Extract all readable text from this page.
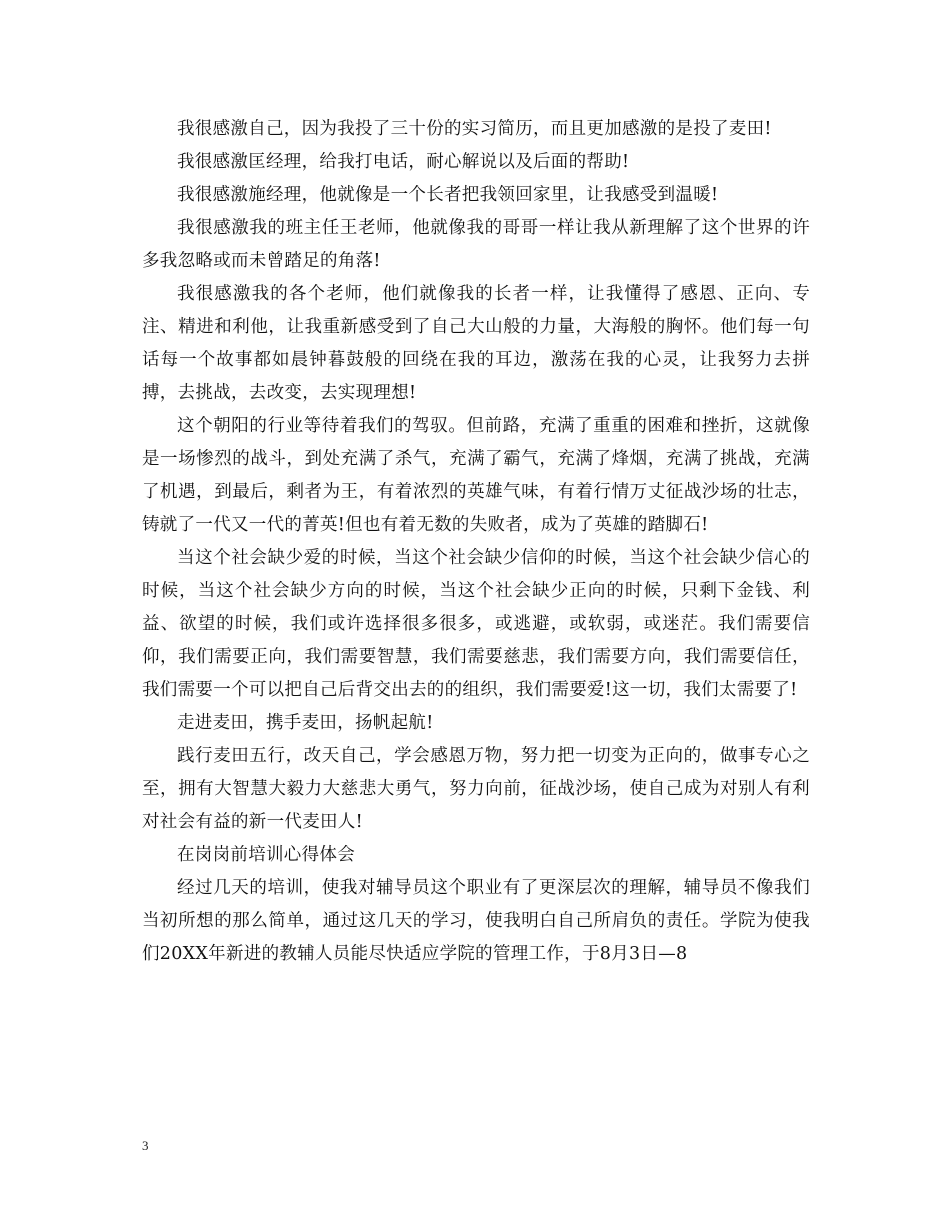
我很感激自己，因为我投了三十份的实习简历，而且更加感激的是投了麦田!

我很感激匡经理，给我打电话，耐心解说以及后面的帮助!

我很感激施经理，他就像是一个长者把我领回家里，让我感受到温暖!

我很感激我的班主任王老师，他就像我的哥哥一样让我从新理解了这个世界的许多我忽略或而未曾踏足的角落!

我很感激我的各个老师，他们就像我的长者一样，让我懂得了感恩、正向、专注、精进和利他，让我重新感受到了自己大山般的力量，大海般的胸怀。他们每一句话每一个故事都如晨钟暮鼓般的回绕在我的耳边，激荡在我的心灵，让我努力去拼搏，去挑战，去改变，去实现理想!

这个朝阳的行业等待着我们的驾驭。但前路，充满了重重的困难和挫折，这就像是一场惨烈的战斗，到处充满了杀气，充满了霸气，充满了烽烟，充满了挑战，充满了机遇，到最后，剩者为王，有着浓烈的英雄气味，有着行情万丈征战沙场的壮志，铸就了一代又一代的菁英!但也有着无数的失败者，成为了英雄的踏脚石!

当这个社会缺少爱的时候，当这个社会缺少信仰的时候，当这个社会缺少信心的时候，当这个社会缺少方向的时候，当这个社会缺少正向的时候，只剩下金钱、利益、欲望的时候，我们或许选择很多很多，或逃避，或软弱，或迷茫。我们需要信仰，我们需要正向，我们需要智慧，我们需要慈悲，我们需要方向，我们需要信任，我们需要一个可以把自己后背交出去的的组织，我们需要爱!这一切，我们太需要了!

走进麦田，携手麦田，扬帆起航!

践行麦田五行，改天自己，学会感恩万物，努力把一切变为正向的，做事专心之至，拥有大智慧大毅力大慈悲大勇气，努力向前，征战沙场，使自己成为对别人有利对社会有益的新一代麦田人!

在岗岗前培训心得体会

经过几天的培训，使我对辅导员这个职业有了更深层次的理解，辅导员不像我们当初所想的那么简单，通过这几天的学习，使我明白自己所肩负的责任。学院为使我们20XX年新进的教辅人员能尽快适应学院的管理工作，于8月3日—8

3
